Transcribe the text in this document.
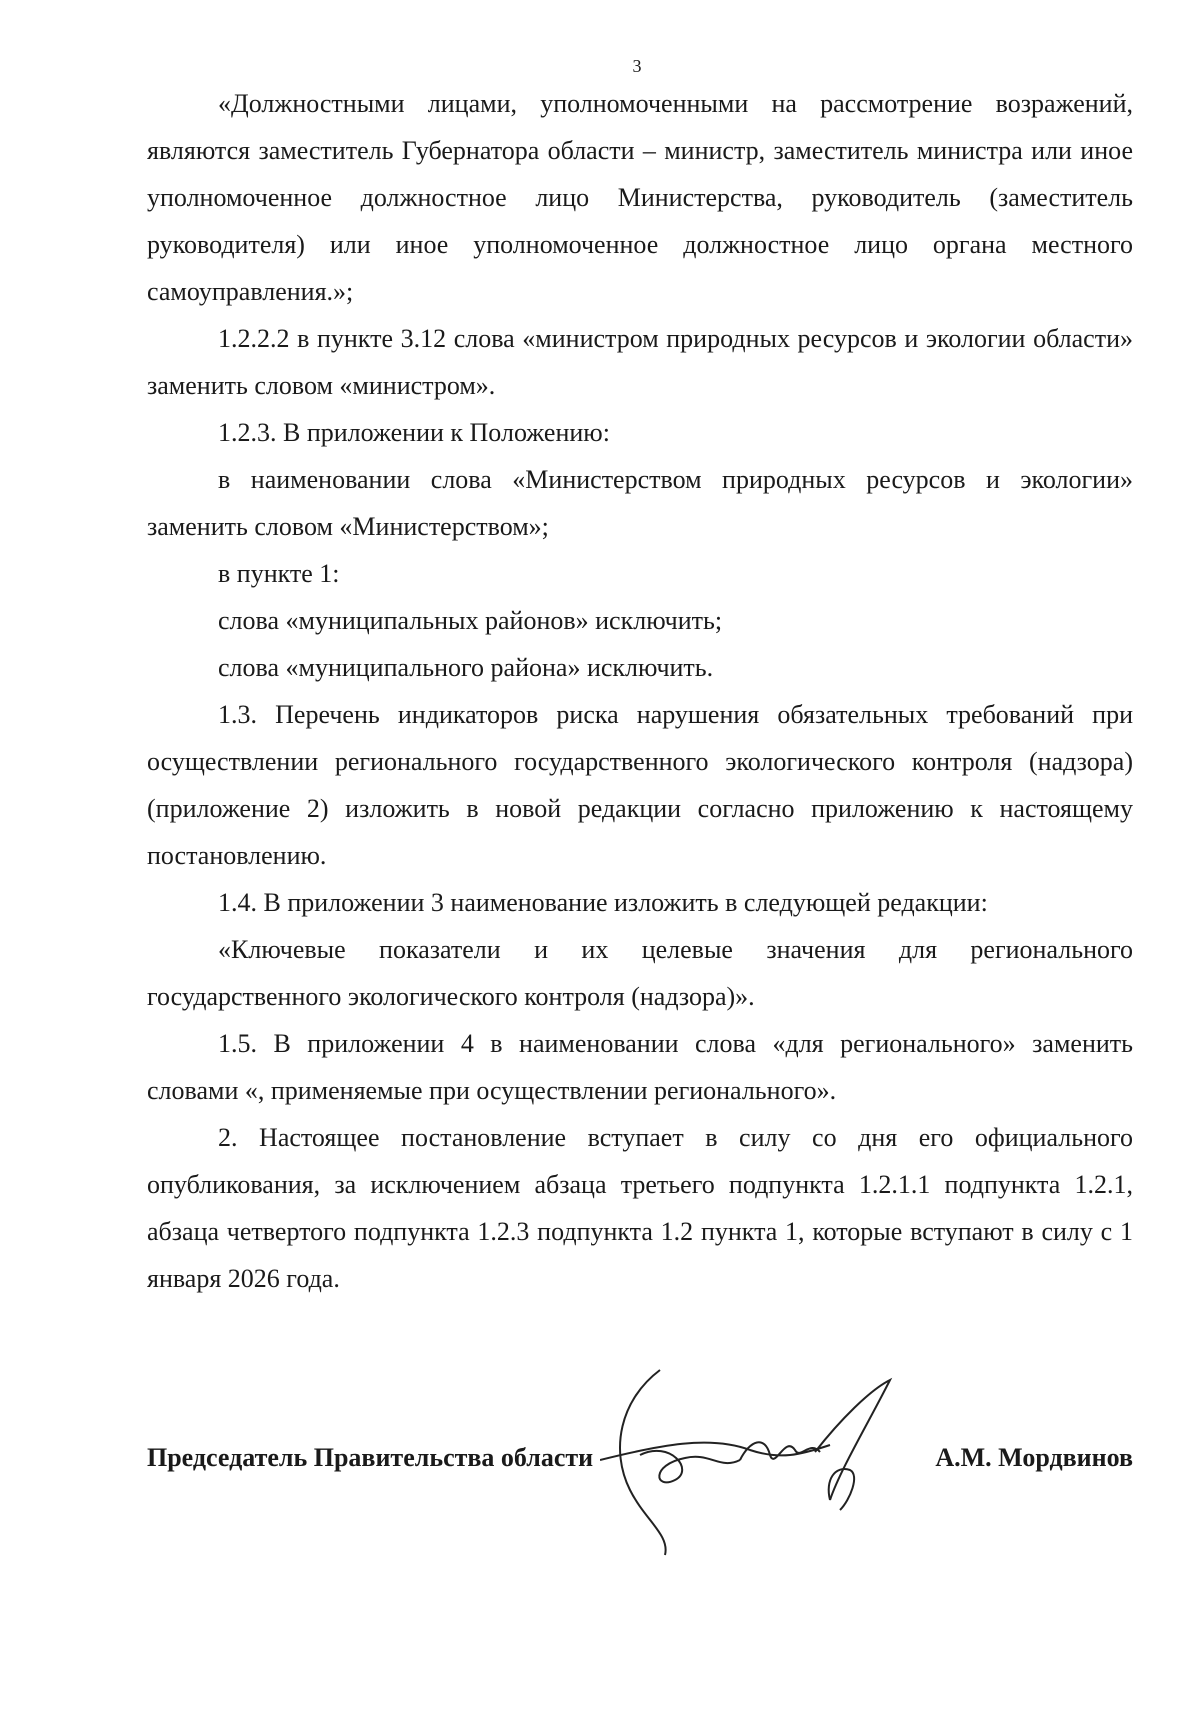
3

«Должностными лицами, уполномоченными на рассмотрение возражений, являются заместитель Губернатора области – министр, заместитель министра или иное уполномоченное должностное лицо Министерства, руководитель (заместитель руководителя) или иное уполномоченное должностное лицо органа местного самоуправления.»;

1.2.2.2 в пункте 3.12 слова «министром природных ресурсов и экологии области» заменить словом «министром».

1.2.3. В приложении к Положению:

в наименовании слова «Министерством природных ресурсов и экологии» заменить словом «Министерством»;

в пункте 1:

слова «муниципальных районов» исключить;

слова «муниципального района» исключить.

1.3. Перечень индикаторов риска нарушения обязательных требований при осуществлении регионального государственного экологического контроля (надзора) (приложение 2) изложить в новой редакции согласно приложению к настоящему постановлению.

1.4. В приложении 3 наименование изложить в следующей редакции:

«Ключевые показатели и их целевые значения для регионального государственного экологического контроля (надзора)».

1.5. В приложении 4 в наименовании слова «для регионального» заменить словами «, применяемые при осуществлении регионального».

2. Настоящее постановление вступает в силу со дня его официального опубликования, за исключением абзаца третьего подпункта 1.2.1.1 подпункта 1.2.1, абзаца четвертого подпункта 1.2.3 подпункта 1.2 пункта 1, которые вступают в силу с 1 января 2026 года.

Председатель Правительства области	А.М. Мордвинов
